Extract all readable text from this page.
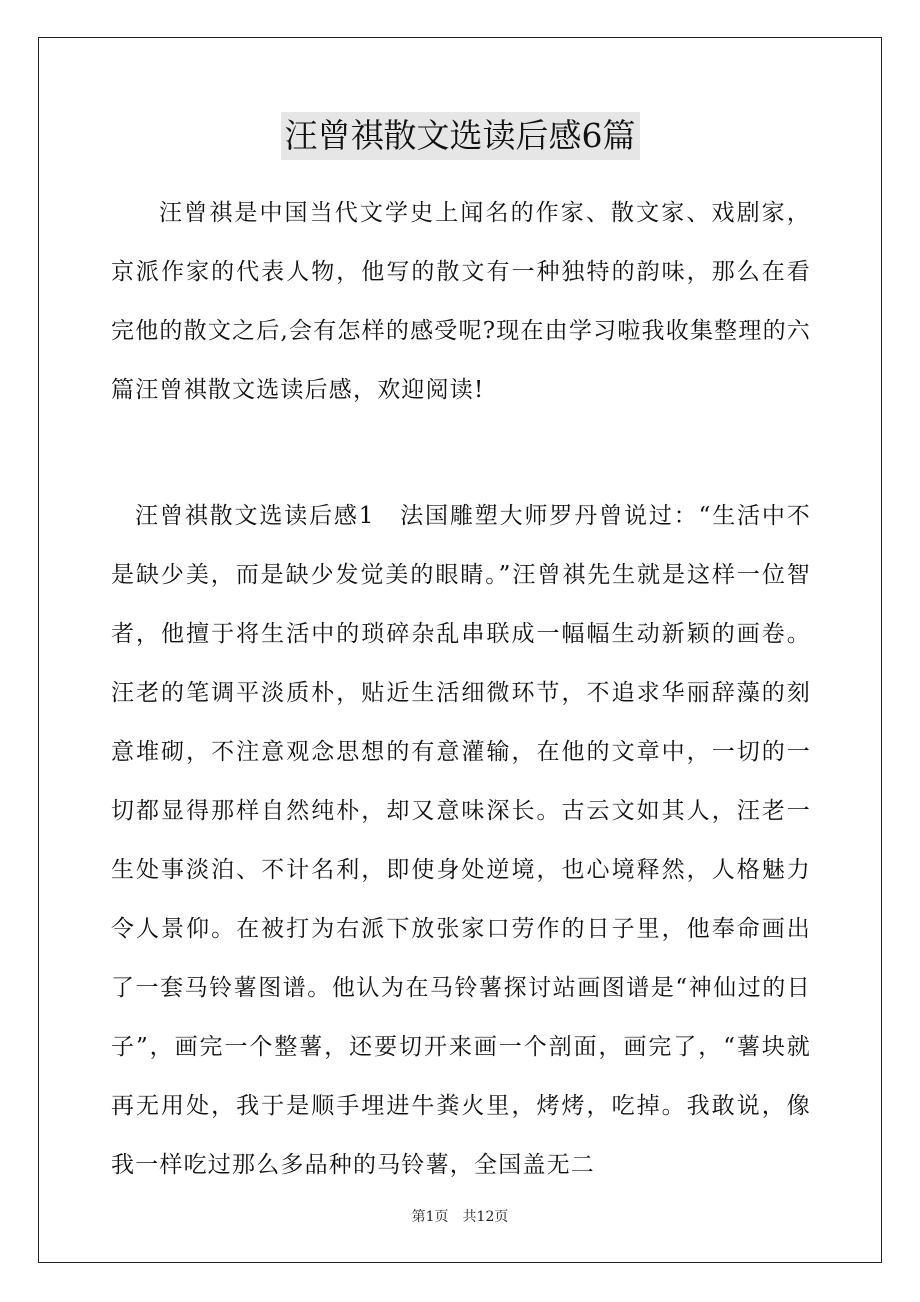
汪曾祺散文选读后感6篇

汪曾祺是中国当代文学史上闻名的作家、散文家、戏剧家，京派作家的代表人物，他写的散文有一种独特的韵味，那么在看完他的散文之后,会有怎样的感受呢?现在由学习啦我收集整理的六篇汪曾祺散文选读后感，欢迎阅读!

汪曾祺散文选读后感1　法国雕塑大师罗丹曾说过：“生活中不是缺少美，而是缺少发觉美的眼睛。”汪曾祺先生就是这样一位智者，他擅于将生活中的琐碎杂乱串联成一幅幅生动新颖的画卷。汪老的笔调平淡质朴，贴近生活细微环节，不追求华丽辞藻的刻意堆砌，不注意观念思想的有意灌输，在他的文章中，一切的一切都显得那样自然纯朴，却又意味深长。古云文如其人，汪老一生处事淡泊、不计名利，即使身处逆境，也心境释然，人格魅力令人景仰。在被打为右派下放张家口劳作的日子里，他奉命画出了一套马铃薯图谱。他认为在马铃薯探讨站画图谱是“神仙过的日子”，画完一个整薯，还要切开来画一个剖面，画完了，“薯块就再无用处，我于是顺手埋进牛粪火里，烤烤，吃掉。我敢说，像我一样吃过那么多品种的马铃薯，全国盖无二

第1页 共12页
